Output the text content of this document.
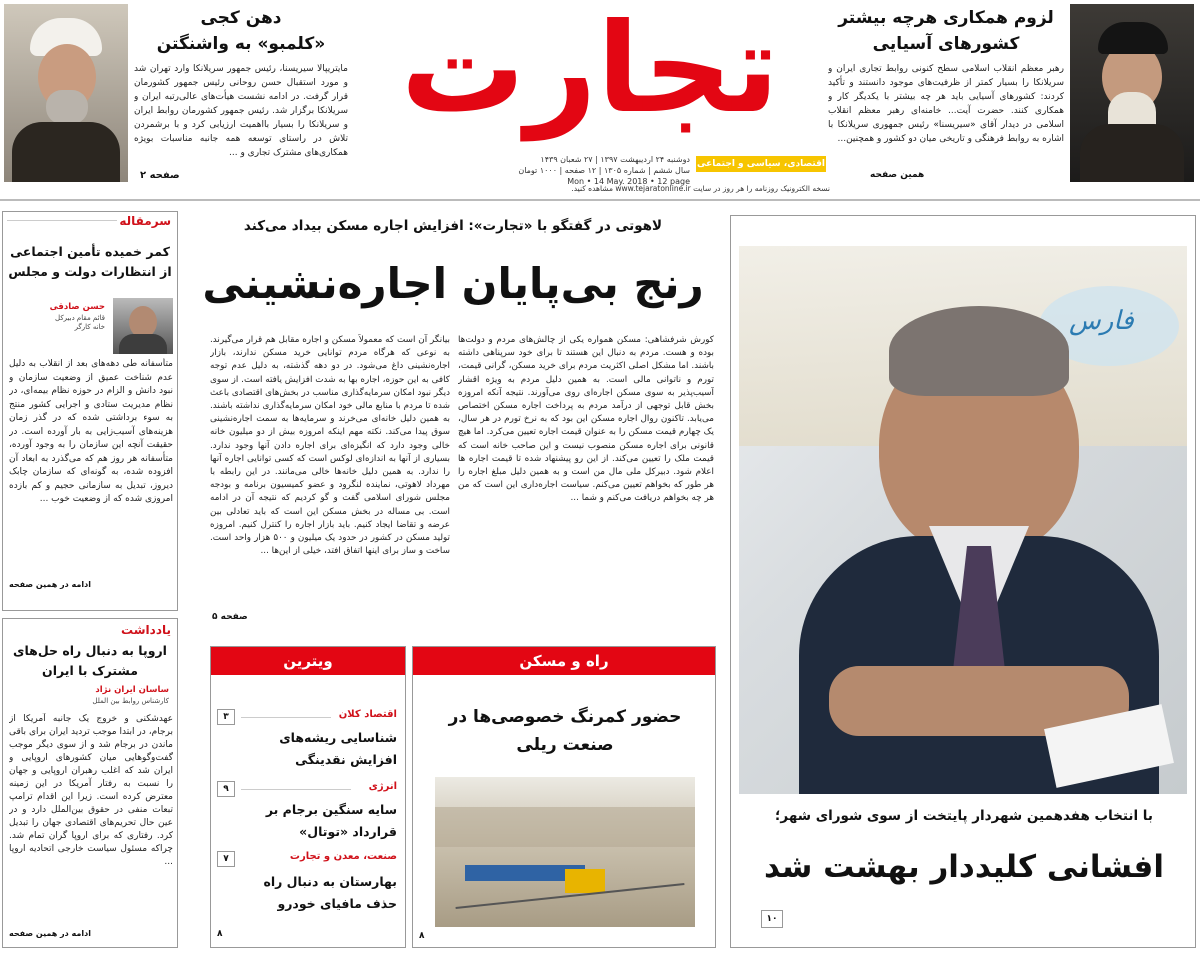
لزوم همکاری هرچه بیشتر
کشورهای آسیایی
رهبر معظم انقلاب اسلامی سطح کنونی روابط تجاری ایران و سریلانکا را بسیار کمتر از ظرفیت‌های موجود دانستند و تأکید کردند: کشورهای آسیایی باید هر چه بیشتر با یکدیگر کار و همکاری کنند. حضرت آیت... خامنه‌ای رهبر معظم انقلاب اسلامی در دیدار آقای «سیریسنا» رئیس جمهوری سریلانکا با اشاره به روابط فرهنگی و تاریخی میان دو کشور و همچنین...
همین صفحه
تجارت
اقتصادی، سیاسی و اجتماعی
دوشنبه ۲۴ اردیبهشت ۱۳۹۷ | ۲۷ شعبان ۱۴۳۹
سال ششم | شماره ۱۳۰۵ | ۱۲ صفحه | ۱۰۰۰ تومان
Mon • 14 May. 2018 • 12 page
نسخه الکترونیک روزنامه را هر روز در سایت www.tejaratonline.ir مشاهده کنید.
دهن کجی
«کلمبو» به واشنگتن
مایتریپالا سیریسنا، رئیس جمهور سریلانکا وارد تهران شد و مورد استقبال حسن روحانی رئیس جمهور کشورمان قرار گرفت. در ادامه نشست هیأت‌های عالی‌رتبه ایران و سریلانکا برگزار شد. رئیس جمهور کشورمان روابط ایران و سریلانکا را بسیار بااهمیت ارزیابی کرد و با برشمردن تلاش در راستای توسعه همه جانبه مناسبات بویژه همکاری‌های مشترک تجاری و ...
صفحه ۲
سرمقاله
کمر خمیده تأمین اجتماعی از انتظارات دولت و مجلس
حسن صادقی
قائم مقام دبیرکل خانه کارگر
متأسفانه طی دهه‌های بعد از انقلاب به دلیل عدم شناخت عمیق از وضعیت سازمان و نبود دانش و الزام در حوزه نظام بیمه‌ای، در نظام مدیریت ستادی و اجرایی کشور منتج به سوء برداشتی شده که در گذر زمان هزینه‌های آسیب‌زایی به بار آورده است. در حقیقت آنچه این سازمان را به وجود آورده، متأسفانه هر روز هم که می‌گذرد به ابعاد آن افزوده شده، به گونه‌ای که سازمان چابک دیروز، تبدیل به سازمانی حجیم و کم بازده امروزی شده که از وضعیت خوب ...
ادامه در همین صفحه
یادداشت
اروپا به دنبال راه حل‌های مشترک با ایران
ساسان ایران نژاد
کارشناس روابط بین الملل
عهدشکنی و خروج یک جانبه آمریکا از برجام، در ابتدا موجب تردید ایران برای باقی ماندن در برجام شد و از سوی دیگر موجب گفت‌وگوهایی میان کشورهای اروپایی و ایران شد که اغلب رهبران اروپایی و جهان را نسبت به رفتار آمریکا در این زمینه معترض کرده است. زیرا این اقدام ترامپ تبعات منفی در حقوق بین‌الملل دارد و در عین حال تحریم‌های اقتصادی جهان را تبدیل کرد. رفتاری که برای اروپا گران تمام شد. چراکه مسئول سیاست خارجی اتحادیه اروپا ...
ادامه در همین صفحه
لاهوتی در گفتگو با «تجارت»: افزایش اجاره مسکن بیداد می‌کند
رنج بی‌پایان اجاره‌نشینی
کورش شرفشاهی: مسکن همواره یکی از چالش‌های مردم و دولت‌ها بوده و هست. مردم به دنبال این هستند تا برای خود سرپناهی داشته باشند. اما مشکل اصلی اکثریت مردم برای خرید مسکن، گرانی قیمت، تورم و ناتوانی مالی است. به همین دلیل مردم به ویژه اقشار آسیب‌پذیر به سوی مسکن اجاره‌ای روی می‌آورند. نتیجه آنکه امروزه بخش قابل توجهی از درآمد مردم به پرداخت اجاره مسکن اختصاص می‌یابد. تاکنون روال اجاره مسکن این بود که به نرخ تورم در هر سال، یک چهارم قیمت مسکن را به عنوان قیمت اجاره تعیین می‌کرد. اما هیچ قانونی برای اجاره مسکن منصوب نیست و این صاحب خانه است که قیمت ملک را تعیین می‌کند. از این رو پیشنهاد شده تا قیمت اجاره ها اعلام شود. دبیرکل ملی مال من است و به همین دلیل مبلغ اجاره را هر طور که بخواهم تعیین می‌کنم. سیاست اجاره‌داری این است که من هر چه بخواهم دریافت می‌کنم و شما ...
بیانگر آن است که معمولاً مسکن و اجاره مقابل هم قرار می‌گیرند. به نوعی که هرگاه مردم توانایی خرید مسکن ندارند، بازار اجاره‌نشینی داغ می‌شود. در دو دهه گذشته، به دلیل عدم توجه کافی به این حوزه، اجاره بها به شدت افزایش یافته است. از سوی دیگر نبود امکان سرمایه‌گذاری مناسب در بخش‌های اقتصادی باعث شده تا مردم با منابع مالی خود امکان سرمایه‌گذاری نداشته باشند. به همین دلیل خانه‌ای می‌خرند و سرمایه‌ها به سمت اجاره‌نشینی سوق پیدا می‌کند. نکته مهم اینکه امروزه بیش از دو میلیون خانه خالی وجود دارد که انگیزه‌ای برای اجاره دادن آنها وجود ندارد. بسیاری از آنها به اندازه‌ای لوکس است که کسی توانایی اجاره آنها را ندارد. به همین دلیل خانه‌ها خالی می‌مانند. در این رابطه با مهرداد لاهوتی، نماینده لنگرود و عضو کمیسیون برنامه و بودجه مجلس شورای اسلامی گفت و گو کردیم که نتیجه آن در ادامه است. بی مساله در بخش مسکن این است که باید تعادلی بین عرضه و تقاضا ایجاد کنیم. باید بازار اجاره را کنترل کنیم. امروزه تولید مسکن در کشور در حدود یک میلیون و ۵۰۰ هزار واحد است. ساخت و ساز برای اینها اتفاق افتد، خیلی از این‌ها ...
صفحه ۵
راه و مسکن
حضور کمرنگ خصوصی‌ها در صنعت ریلی
۸
ویترین
۳	اقتصاد کلان
شناسایی ریشه‌های افزایش نقدینگی
۹	انرژی
سایه سنگین برجام بر قرارداد «توتال»
۷	صنعت، معدن و تجارت
بهارستان به دنبال راه حذف مافیای خودرو
۸
فارس
با انتخاب هفدهمین شهردار پایتخت از سوی شورای شهر؛
افشانی کلیددار بهشت شد
۱۰
